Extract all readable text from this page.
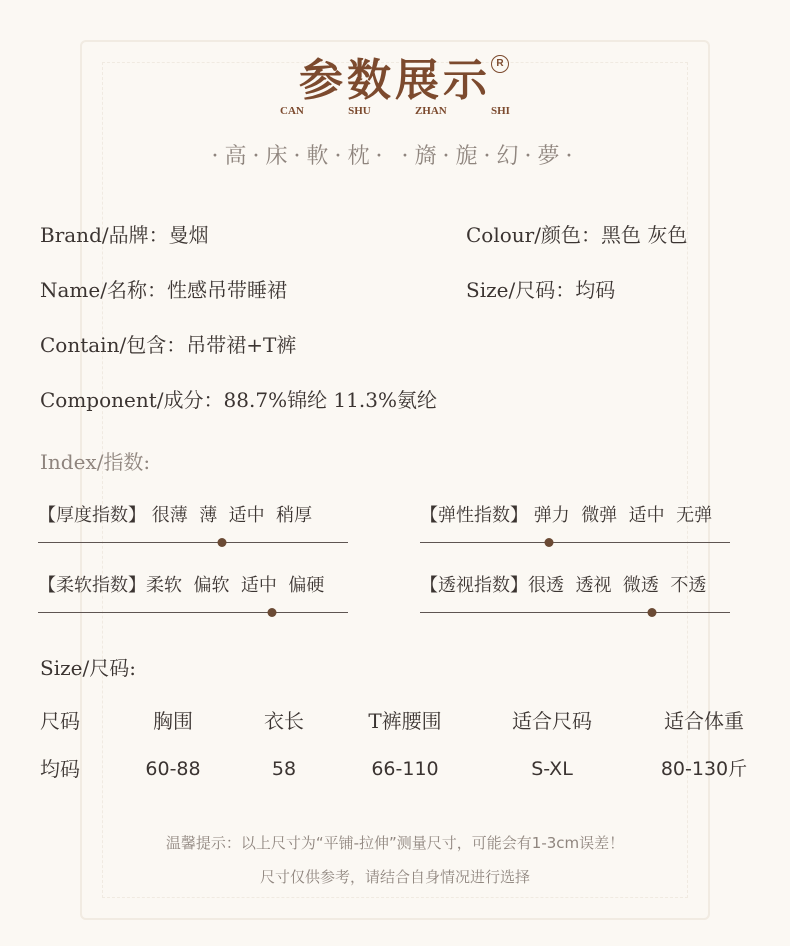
参数展示 R
CAN	SHU	ZHAN	SHI
·高·床·軟·枕· ·旖·旎·幻·夢·
Brand/品牌：曼烟	Colour/颜色：黑色 灰色
Name/名称：性感吊带睡裙	Size/尺码：均码
Contain/包含：吊带裙+T裤
Component/成分：88.7%锦纶 11.3%氨纶
Index/指数:
【厚度指数】 很薄 薄 适中 稍厚	【弹性指数】 弹力 微弹 适中 无弹
【柔软指数】柔软 偏软 适中 偏硬	【透视指数】很透 透视 微透 不透
Size/尺码:
尺码	胸围	衣长	T裤腰围	适合尺码	适合体重
均码	60-88	58	66-110	S-XL	80-130斤
温馨提示：以上尺寸为“平铺-拉伸”测量尺寸，可能会有1-3cm误差！
尺寸仅供参考，请结合自身情况进行选择
